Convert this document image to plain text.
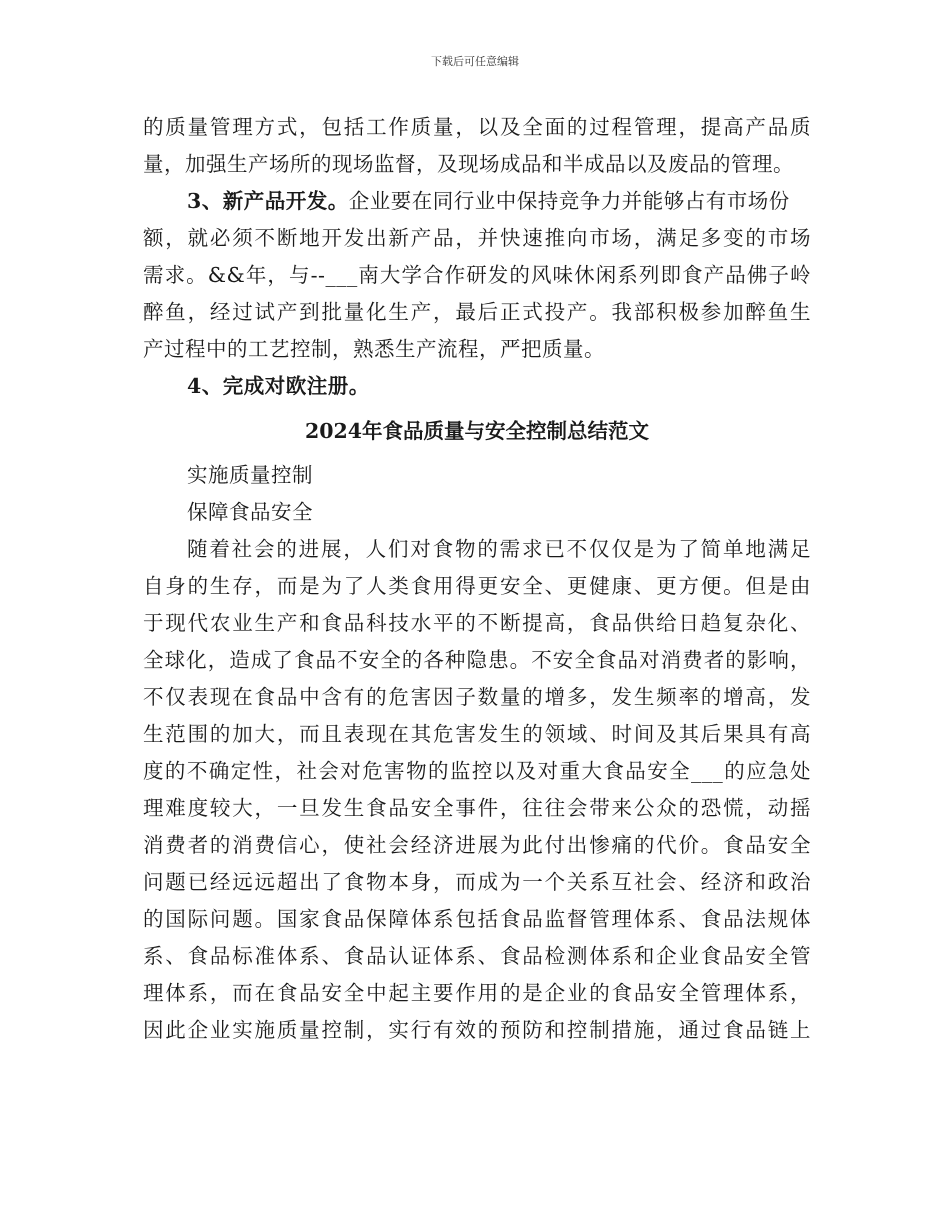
下载后可任意编辑
的质量管理方式，包括工作质量，以及全面的过程管理，提高产品质
量，加强生产场所的现场监督，及现场成品和半成品以及废品的管理。
3、新产品开发。企业要在同行业中保持竞争力并能够占有市场份
额，就必须不断地开发出新产品，并快速推向市场，满足多变的市场
需求。&&年，与--___南大学合作研发的风味休闲系列即食产品佛子岭
醉鱼，经过试产到批量化生产，最后正式投产。我部积极参加醉鱼生
产过程中的工艺控制，熟悉生产流程，严把质量。
4、完成对欧注册。
2024年食品质量与安全控制总结范文
实施质量控制
保障食品安全
随着社会的进展，人们对食物的需求已不仅仅是为了简单地满足
自身的生存，而是为了人类食用得更安全、更健康、更方便。但是由
于现代农业生产和食品科技水平的不断提高，食品供给日趋复杂化、
全球化，造成了食品不安全的各种隐患。不安全食品对消费者的影响，
不仅表现在食品中含有的危害因子数量的增多，发生频率的增高，发
生范围的加大，而且表现在其危害发生的领域、时间及其后果具有高
度的不确定性，社会对危害物的监控以及对重大食品安全___的应急处
理难度较大，一旦发生食品安全事件，往往会带来公众的恐慌，动摇
消费者的消费信心，使社会经济进展为此付出惨痛的代价。食品安全
问题已经远远超出了食物本身，而成为一个关系互社会、经济和政治
的国际问题。国家食品保障体系包括食品监督管理体系、食品法规体
系、食品标准体系、食品认证体系、食品检测体系和企业食品安全管
理体系，而在食品安全中起主要作用的是企业的食品安全管理体系，
因此企业实施质量控制，实行有效的预防和控制措施，通过食品链上
